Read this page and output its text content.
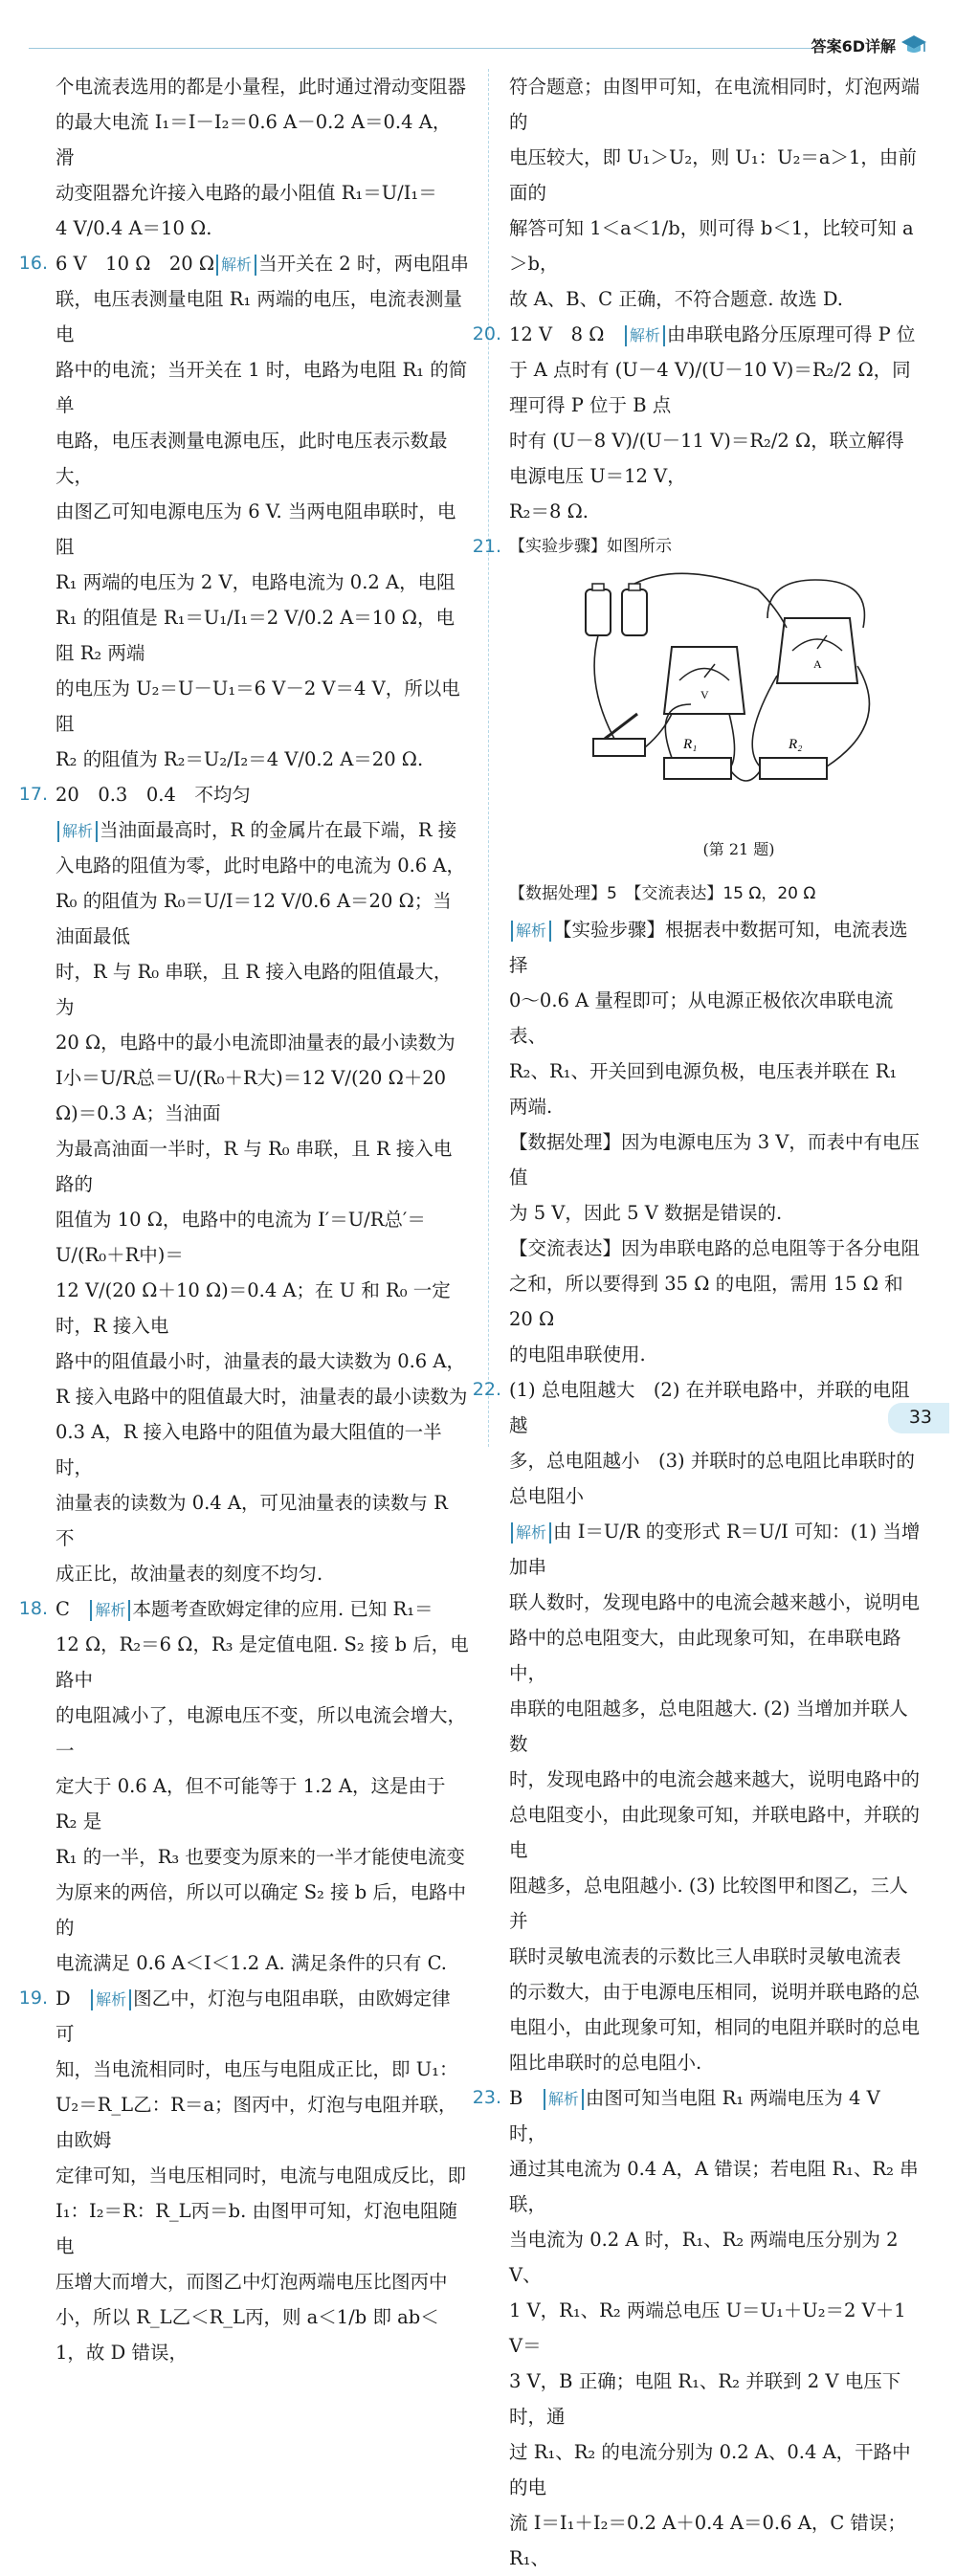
答案6D详解

个电流表选用的都是小量程，此时通过滑动变阻器

的最大电流 I₁＝I－I₂＝0.6 A－0.2 A＝0.4 A，滑

动变阻器允许接入电路的最小阻值 R₁＝U/I₁＝

4 V/0.4 A＝10 Ω.

16. 6 V　10 Ω　20 Ω 解析 当开关在 2 时，两电阻串

联，电压表测量电阻 R₁ 两端的电压，电流表测量电

路中的电流；当开关在 1 时，电路为电阻 R₁ 的简单

电路，电压表测量电源电压，此时电压表示数最大，

由图乙可知电源电压为 6 V. 当两电阻串联时，电阻

R₁ 两端的电压为 2 V，电路电流为 0.2 A，电阻

R₁ 的阻值是 R₁＝U₁/I₁＝2 V/0.2 A＝10 Ω，电阻 R₂ 两端

的电压为 U₂＝U－U₁＝6 V－2 V＝4 V，所以电阻

R₂ 的阻值为 R₂＝U₂/I₂＝4 V/0.2 A＝20 Ω.

17. 20　0.3　0.4　不均匀

解析 当油面最高时，R 的金属片在最下端，R 接

入电路的阻值为零，此时电路中的电流为 0.6 A，

R₀ 的阻值为 R₀＝U/I＝12 V/0.6 A＝20 Ω；当油面最低

时，R 与 R₀ 串联，且 R 接入电路的阻值最大，为

20 Ω，电路中的最小电流即油量表的最小读数为

I小＝U/R总＝U/(R₀＋R大)＝12 V/(20 Ω＋20 Ω)＝0.3 A；当油面

为最高油面一半时，R 与 R₀ 串联，且 R 接入电路的

阻值为 10 Ω，电路中的电流为 I′＝U/R总′＝U/(R₀＋R中)＝

12 V/(20 Ω＋10 Ω)＝0.4 A；在 U 和 R₀ 一定时，R 接入电

路中的阻值最小时，油量表的最大读数为 0.6 A，

R 接入电路中的阻值最大时，油量表的最小读数为

0.3 A，R 接入电路中的阻值为最大阻值的一半时，

油量表的读数为 0.4 A，可见油量表的读数与 R 不

成正比，故油量表的刻度不均匀.

18. C　 解析 本题考查欧姆定律的应用. 已知 R₁＝

12 Ω，R₂＝6 Ω，R₃ 是定值电阻. S₂ 接 b 后，电路中

的电阻减小了，电源电压不变，所以电流会增大，一

定大于 0.6 A，但不可能等于 1.2 A，这是由于 R₂ 是

R₁ 的一半，R₃ 也要变为原来的一半才能使电流变

为原来的两倍，所以可以确定 S₂ 接 b 后，电路中的

电流满足 0.6 A＜I＜1.2 A. 满足条件的只有 C.

19. D　 解析 图乙中，灯泡与电阻串联，由欧姆定律可

知，当电流相同时，电压与电阻成正比，即 U₁：

U₂＝R_L乙：R＝a；图丙中，灯泡与电阻并联，由欧姆

定律可知，当电压相同时，电流与电阻成反比，即

I₁：I₂＝R：R_L丙＝b. 由图甲可知，灯泡电阻随电

压增大而增大，而图乙中灯泡两端电压比图丙中

小，所以 R_L乙＜R_L丙，则 a＜1/b 即 ab＜1，故 D 错误，

符合题意；由图甲可知，在电流相同时，灯泡两端的

电压较大，即 U₁＞U₂，则 U₁：U₂＝a＞1，由前面的

解答可知 1＜a＜1/b，则可得 b＜1，比较可知 a＞b，

故 A、B、C 正确，不符合题意. 故选 D.

20. 12 V　8 Ω　 解析 由串联电路分压原理可得 P 位

于 A 点时有 (U－4 V)/(U－10 V)＝R₂/2 Ω，同理可得 P 位于 B 点

时有 (U－8 V)/(U－11 V)＝R₂/2 Ω，联立解得电源电压 U＝12 V，

R₂＝8 Ω.

21. 【实验步骤】如图所示

V
A
R₁	R₂

(第 21 题)

【数据处理】5　【交流表达】15 Ω，20 Ω

解析 【实验步骤】根据表中数据可知，电流表选择

0～0.6 A 量程即可；从电源正极依次串联电流表、

R₂、R₁、开关回到电源负极，电压表并联在 R₁

两端.

【数据处理】因为电源电压为 3 V，而表中有电压值

为 5 V，因此 5 V 数据是错误的.

【交流表达】因为串联电路的总电阻等于各分电阻

之和，所以要得到 35 Ω 的电阻，需用 15 Ω 和 20 Ω

的电阻串联使用.

22. (1) 总电阻越大　(2) 在并联电路中，并联的电阻越

多，总电阻越小　(3) 并联时的总电阻比串联时的

总电阻小

解析 由 I＝U/R 的变形式 R＝U/I 可知：(1) 当增加串

联人数时，发现电路中的电流会越来越小，说明电

路中的总电阻变大，由此现象可知，在串联电路中，

串联的电阻越多，总电阻越大. (2) 当增加并联人数

时，发现电路中的电流会越来越大，说明电路中的

总电阻变小，由此现象可知，并联电路中，并联的电

阻越多，总电阻越小. (3) 比较图甲和图乙，三人并

联时灵敏电流表的示数比三人串联时灵敏电流表

的示数大，由于电源电压相同，说明并联电路的总

电阻小，由此现象可知，相同的电阻并联时的总电

阻比串联时的总电阻小.

23. B　 解析 由图可知当电阻 R₁ 两端电压为 4 V 时，

通过其电流为 0.4 A，A 错误；若电阻 R₁、R₂ 串联，

当电流为 0.2 A 时，R₁、R₂ 两端电压分别为 2 V、

1 V，R₁、R₂ 两端总电压 U＝U₁＋U₂＝2 V＋1 V＝

3 V，B 正确；电阻 R₁、R₂ 并联到 2 V 电压下时，通

过 R₁、R₂ 的电流分别为 0.2 A、0.4 A，干路中的电

流 I＝I₁＋I₂＝0.2 A＋0.4 A＝0.6 A，C 错误；R₁、

33
